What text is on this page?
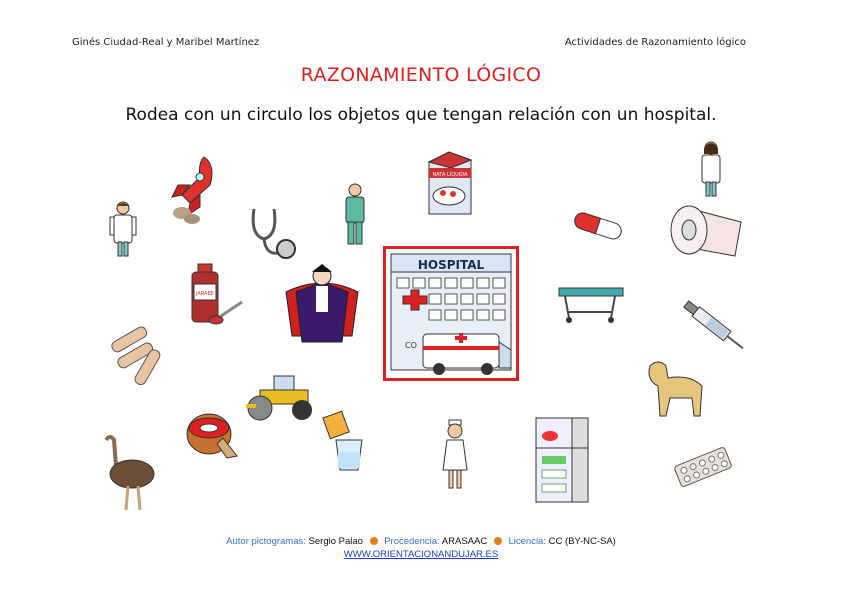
Ginés Ciudad-Real y Maribel Martínez	Actividades de Razonamiento lógico
RAZONAMIENTO LÓGICO
Rodea con un circulo los objetos que tengan relación con un hospital.
NATA LÍQUIDA
JARABE
HOSPITAL
CO
Autor pictogramas: Sergio Palao Procedencia: ARASAAC Licencia: CC (BY-NC-SA)
WWW.ORIENTACIONANDUJAR.ES
